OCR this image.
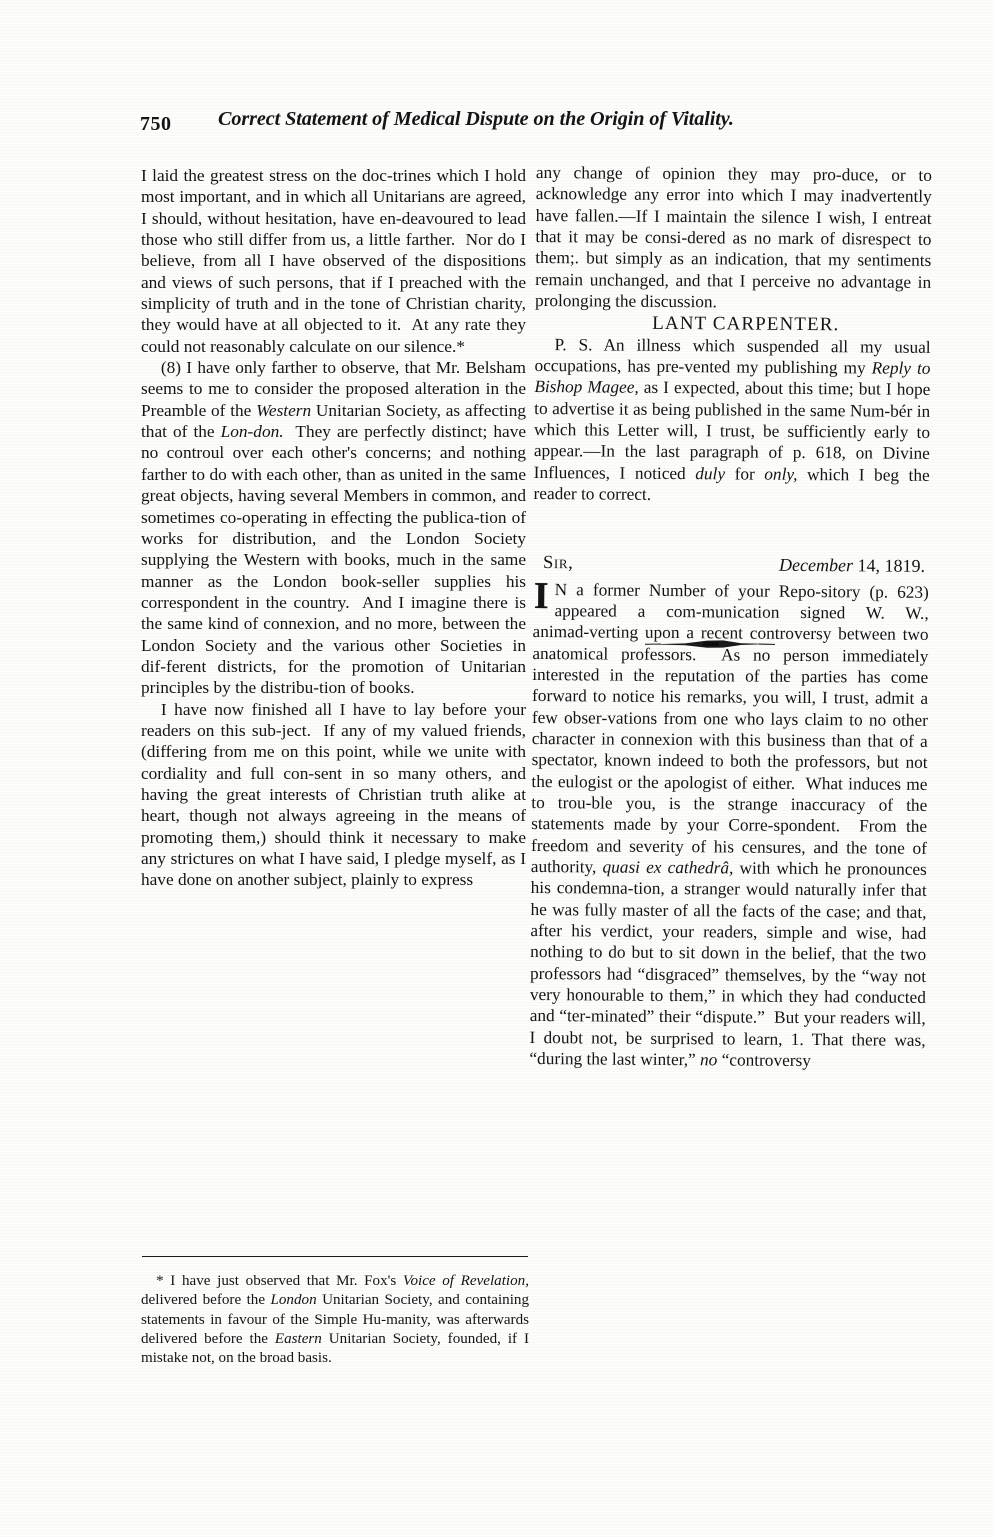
750 Correct Statement of Medical Dispute on the Origin of Vitality.

I laid the greatest stress on the doc‑trines which I hold most important, and in which all Unitarians are agreed, I should, without hesitation, have en‑deavoured to lead those who still differ from us, a little farther.  Nor do I believe, from all I have observed of the dispositions and views of such persons, that if I preached with the simplicity of truth and in the tone of Christian charity, they would have at all objected to it.  At any rate they could not reasonably calculate on our silence.*

(8) I have only farther to observe, that Mr. Belsham seems to me to consider the proposed alteration in the Preamble of the Western Unitarian Society, as affecting that of the Lon‑don.  They are perfectly distinct; have no controul over each other's concerns; and nothing farther to do with each other, than as united in the same great objects, having several Members in common, and sometimes co-operating in effecting the publica‑tion of works for distribution, and the London Society supplying the Western with books, much in the same manner as the London book‑seller supplies his correspondent in the country.  And I imagine there is the same kind of connexion, and no more, between the London Society and the various other Societies in dif‑ferent districts, for the promotion of Unitarian principles by the distribu‑tion of books.

I have now finished all I have to lay before your readers on this sub‑ject.  If any of my valued friends, (differing from me on this point, while we unite with cordiality and full con‑sent in so many others, and having the great interests of Christian truth alike at heart, though not always agreeing in the means of promoting them,) should think it necessary to make any strictures on what I have said, I pledge myself, as I have done on another subject, plainly to express

* I have just observed that Mr. Fox's Voice of Revelation, delivered before the London Unitarian Society, and containing statements in favour of the Simple Hu‑manity, was afterwards delivered before the Eastern Unitarian Society, founded, if I mistake not, on the broad basis.

any change of opinion they may pro‑duce, or to acknowledge any error into which I may inadvertently have fallen.—If I maintain the silence I wish, I entreat that it may be consi‑dered as no mark of disrespect to them;. but simply as an indication, that my sentiments remain unchanged, and that I perceive no advantage in prolonging the discussion.

LANT CARPENTER.

P. S. An illness which suspended all my usual occupations, has pre‑vented my publishing my Reply to Bishop Magee, as I expected, about this time; but I hope to advertise it as being published in the same Num‑bér in which this Letter will, I trust, be sufficiently early to appear.—In the last paragraph of p. 618, on Divine Influences, I noticed duly for only, which I beg the reader to correct.

Sir,	December 14, 1819.

I N a former Number of your Repo‑sitory (p. 623) appeared a com‑munication signed W. W., animad‑verting upon a recent controversy between two anatomical professors.  As no person immediately interested in the reputation of the parties has come forward to notice his remarks, you will, I trust, admit a few obser‑vations from one who lays claim to no other character in connexion with this business than that of a spectator, known indeed to both the professors, but not the eulogist or the apologist of either.  What induces me to trou‑ble you, is the strange inaccuracy of the statements made by your Corre‑spondent.  From the freedom and severity of his censures, and the tone of authority, quasi ex cathedrâ, with which he pronounces his condemna‑tion, a stranger would naturally infer that he was fully master of all the facts of the case; and that, after his verdict, your readers, simple and wise, had nothing to do but to sit down in the belief, that the two professors had “disgraced” themselves, by the “way not very honourable to them,” in which they had conducted and “ter‑minated” their “dispute.”  But your readers will, I doubt not, be surprised to learn, 1. That there was, “during the last winter,” no “controversy
